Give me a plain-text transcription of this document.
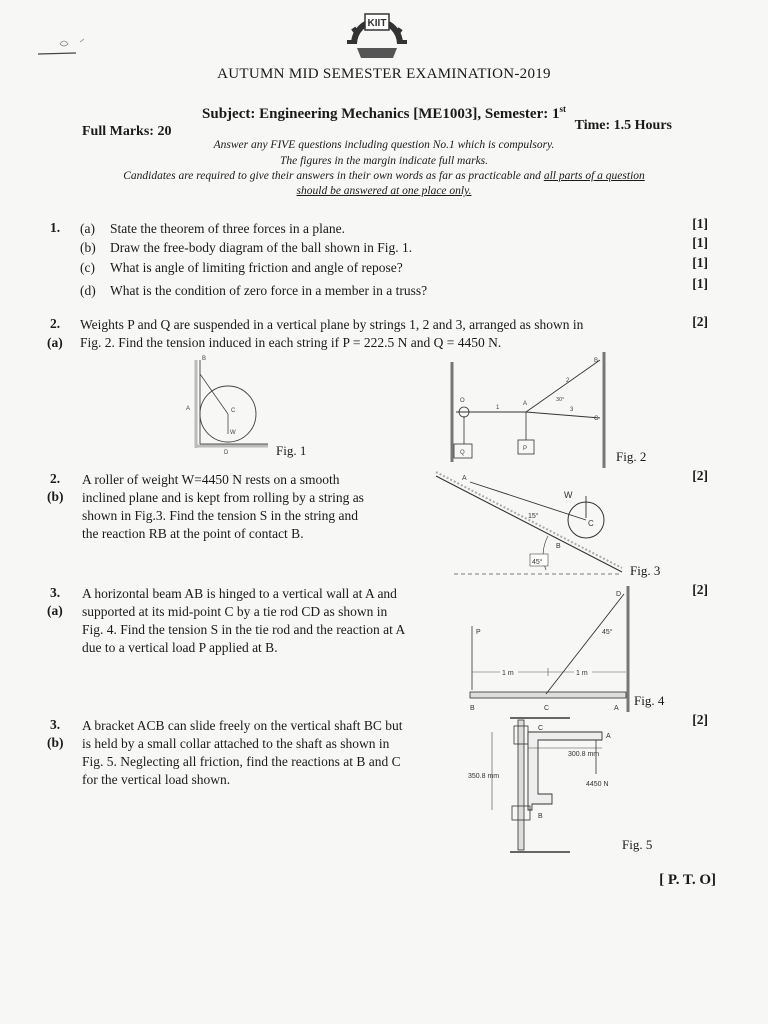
KIIT
AUTUMN MID SEMESTER EXAMINATION-2019
Subject: Engineering Mechanics [ME1003], Semester: 1st
Full Marks: 20	Time: 1.5 Hours
Answer any FIVE questions including question No.1 which is compulsory.
The figures in the margin indicate full marks.
Candidates are required to give their answers in their own words as far as practicable and all parts of a question
should be answered at one place only.
1. (a) State the theorem of three forces in a plane.	[1]
(b) Draw the free-body diagram of the ball shown in Fig. 1.	[1]
(c) What is angle of limiting friction and angle of repose?	[1]
(d) What is the condition of zero force in a member in a truss?	[1]
2.
(a)
Weights P and Q are suspended in a vertical plane by strings 1, 2 and 3, arranged as shown in
Fig. 2. Find the tension induced in each string if P = 222.5 N and Q = 4450 N.
[2]
B
A	C
W
D	Fig. 1
B
O	A
C
1
2
3
30°
P
Q	Fig. 2
2.
(b)
A roller of weight W=4450 N rests on a smooth
inclined plane and is kept from rolling by a string as
shown in Fig.3. Find the tension S in the string and
the reaction RB at the point of contact B.
[2]
A
W
C
B
15°
45°
Fig. 3
3.
(a)
A horizontal beam AB is hinged to a vertical wall at A and
supported at its mid-point C by a tie rod CD as shown in
Fig. 4. Find the tension S in the tie rod and the reaction at A
due to a vertical load P applied at B.
[2]
D
P	45°
1 m	1 m
B	C	A
Fig. 4
3.
(b)
A bracket ACB can slide freely on the vertical shaft BC but
is held by a small collar attached to the shaft as shown in
Fig. 5. Neglecting all friction, find the reactions at B and C
for the vertical load shown.
[2]
C
A
B
300.8 mm
350.8 mm
4450 N
Fig. 5
[ P. T. O]
